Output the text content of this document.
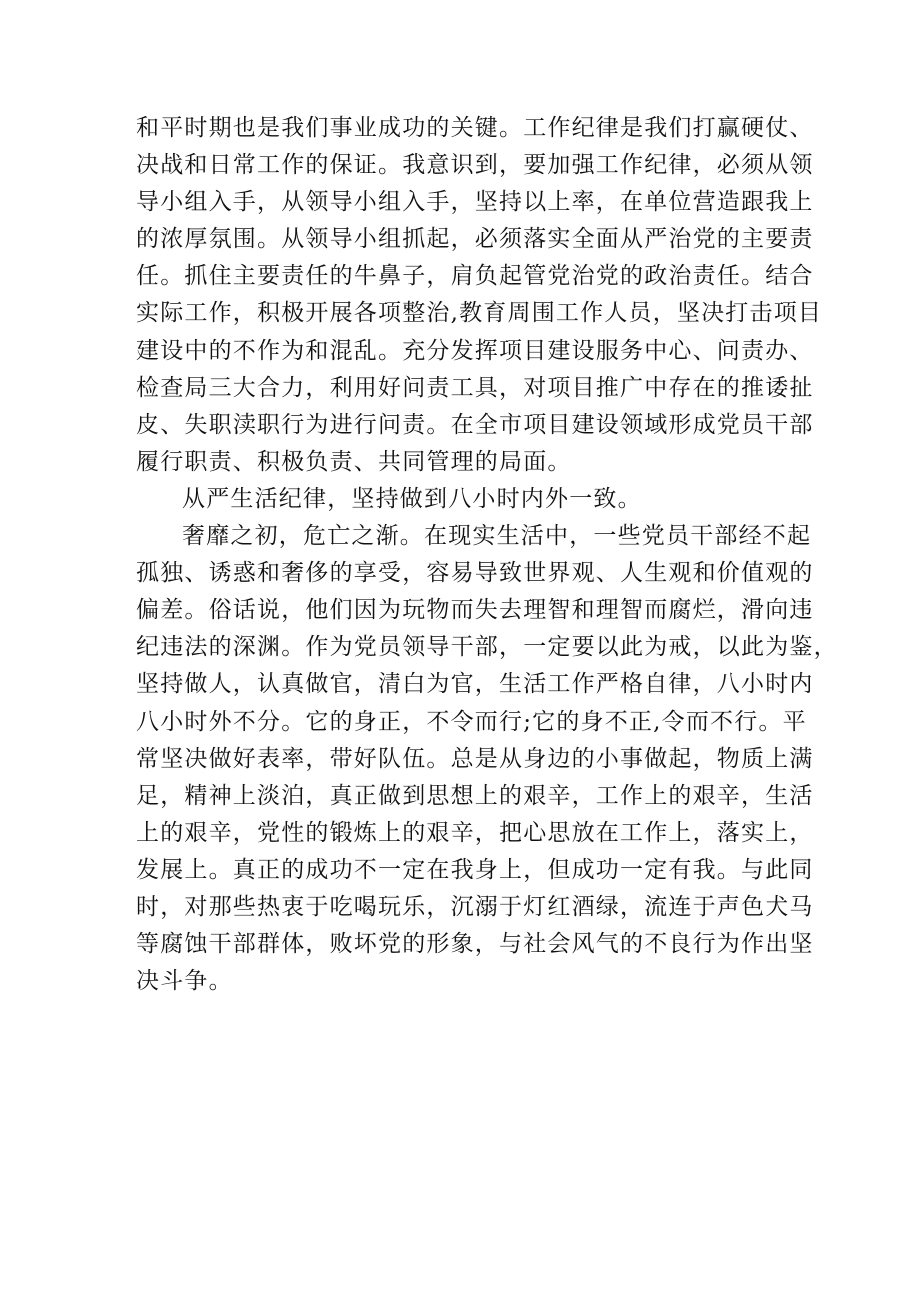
和平时期也是我们事业成功的关键。工作纪律是我们打赢硬仗、
决战和日常工作的保证。我意识到，要加强工作纪律，必须从领
导小组入手，从领导小组入手，坚持以上率，在单位营造跟我上
的浓厚氛围。从领导小组抓起，必须落实全面从严治党的主要责
任。抓住主要责任的牛鼻子，肩负起管党治党的政治责任。结合
实际工作，积极开展各项整治,教育周围工作人员，坚决打击项目
建设中的不作为和混乱。充分发挥项目建设服务中心、问责办、
检查局三大合力，利用好问责工具，对项目推广中存在的推诿扯
皮、失职渎职行为进行问责。在全市项目建设领域形成党员干部
履行职责、积极负责、共同管理的局面。
从严生活纪律，坚持做到八小时内外一致。
奢靡之初，危亡之渐。在现实生活中，一些党员干部经不起
孤独、诱惑和奢侈的享受，容易导致世界观、人生观和价值观的
偏差。俗话说，他们因为玩物而失去理智和理智而腐烂，滑向违
纪违法的深渊。作为党员领导干部，一定要以此为戒，以此为鉴，
坚持做人，认真做官，清白为官，生活工作严格自律，八小时内
八小时外不分。它的身正，不令而行;它的身不正,令而不行。平
常坚决做好表率，带好队伍。总是从身边的小事做起，物质上满
足，精神上淡泊，真正做到思想上的艰辛，工作上的艰辛，生活
上的艰辛，党性的锻炼上的艰辛，把心思放在工作上，落实上，
发展上。真正的成功不一定在我身上，但成功一定有我。与此同
时，对那些热衷于吃喝玩乐，沉溺于灯红酒绿，流连于声色犬马
等腐蚀干部群体，败坏党的形象，与社会风气的不良行为作出坚
决斗争。
